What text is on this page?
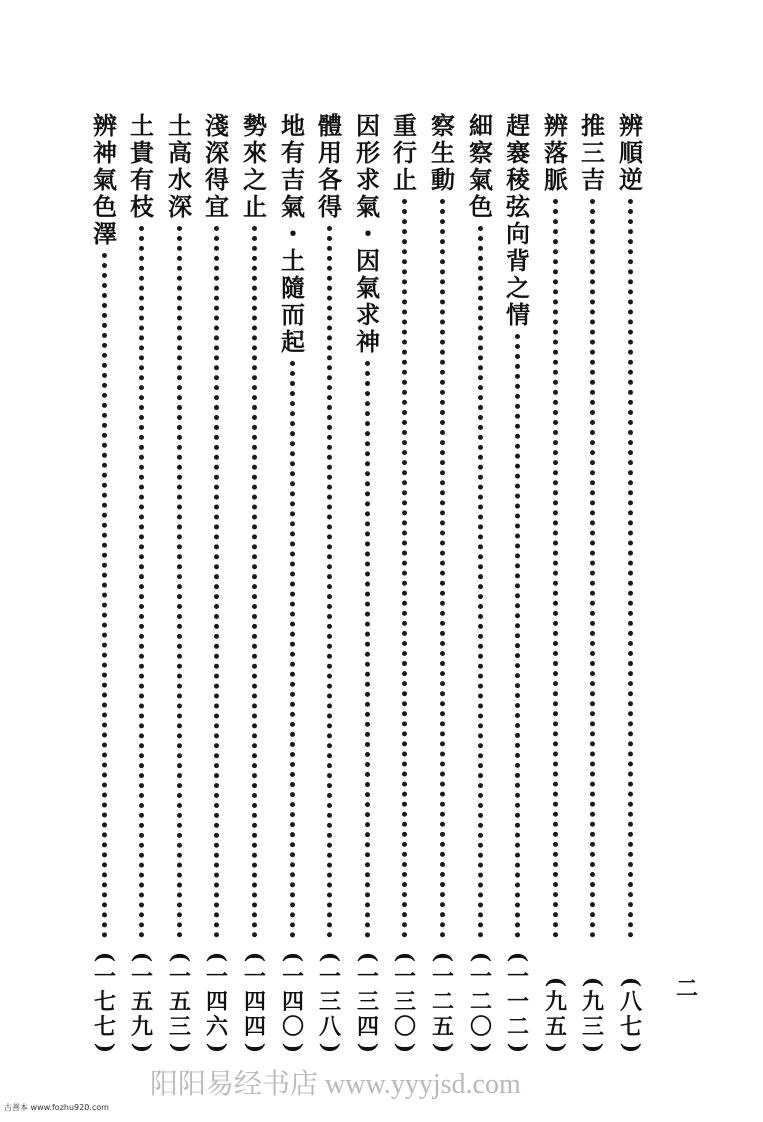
辨
順
逆
(
八
七
)
推
三
吉
(
九
三
)
辨
落
脈
(
九
五
)
趕
褰
稜
弦
向
背
之
情
(
一
一
二
)
細
察
氣
色
(
一
二
〇
)
察
生
動
(
一
二
五
)
重
行
止
(
一
三
〇
)
因
形
求
氣
・
因
氣
求
神
(
一
三
四
)
體
用
各
得
(
一
三
八
)
地
有
吉
氣
・
土
隨
而
起
(
一
四
〇
)
勢
來
之
止
(
一
四
四
)
淺
深
得
宜
(
一
四
六
)
土
高
水
深
(
一
五
三
)
土
貴
有
枝
(
一
五
九
)
辨
神
氣
色
澤
(
一
七
七
)
二
阳阳易经书店 www.yyyjsd.com
古善本 www.fozhu920.com
